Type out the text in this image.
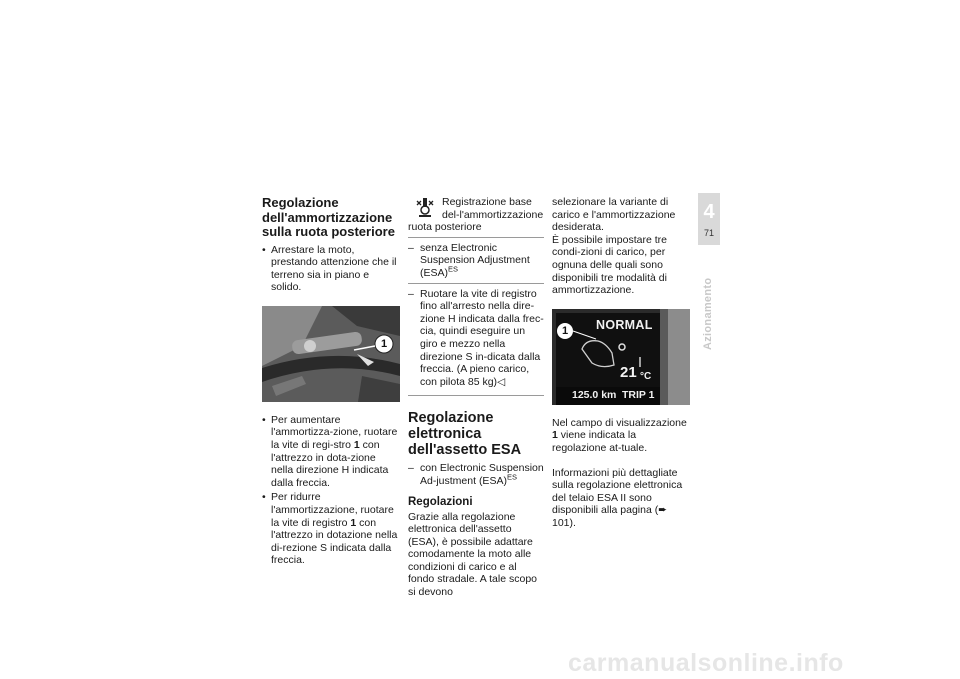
Regolazione dell'ammortizzazione sulla ruota posteriore
• Arrestare la moto, prestando attenzione che il terreno sia in piano e solido.
1
• Per aumentare l'ammortizza-zione, ruotare la vite di regi-stro 1 con l'attrezzo in dota-zione nella direzione H indicata dalla freccia.
• Per ridurre l'ammortizzazione, ruotare la vite di registro 1 con l'attrezzo in dotazione nella di-rezione S indicata dalla freccia.
Registrazione base del-l'ammortizzazione ruota posteriore
– senza Electronic Suspension Adjustment (ESA)$^{ES}$
– Ruotare la vite di registro fino all'arresto nella dire-zione H indicata dalla frec-cia, quindi eseguire un giro e mezzo nella direzione S in-dicata dalla freccia. (A pieno carico, con pilota 85 kg)◁
Regolazione elettronica dell'assetto ESA
– con Electronic Suspension Ad-justment (ESA)$^{ES}$
Regolazioni

Grazie alla regolazione elettronica dell'assetto (ESA), è possibile adattare comodamente la moto alle condizioni di carico e al fondo stradale. A tale scopo si devono

selezionare la variante di carico e l'ammortizzazione desiderata.

È possibile impostare tre condi-zioni di carico, per ognuna delle quali sono disponibili tre modalità di ammortizzazione.

1 NORMAL
21 °C
125.0 km TRIP 1

Nel campo di visualizzazione 1 viene indicata la regolazione at-tuale.

Informazioni più dettagliate sulla regolazione elettronica del telaio ESA II sono disponibili alla pagina (➨ 101).

4
71
Azionamento
carmanualsonline.info
